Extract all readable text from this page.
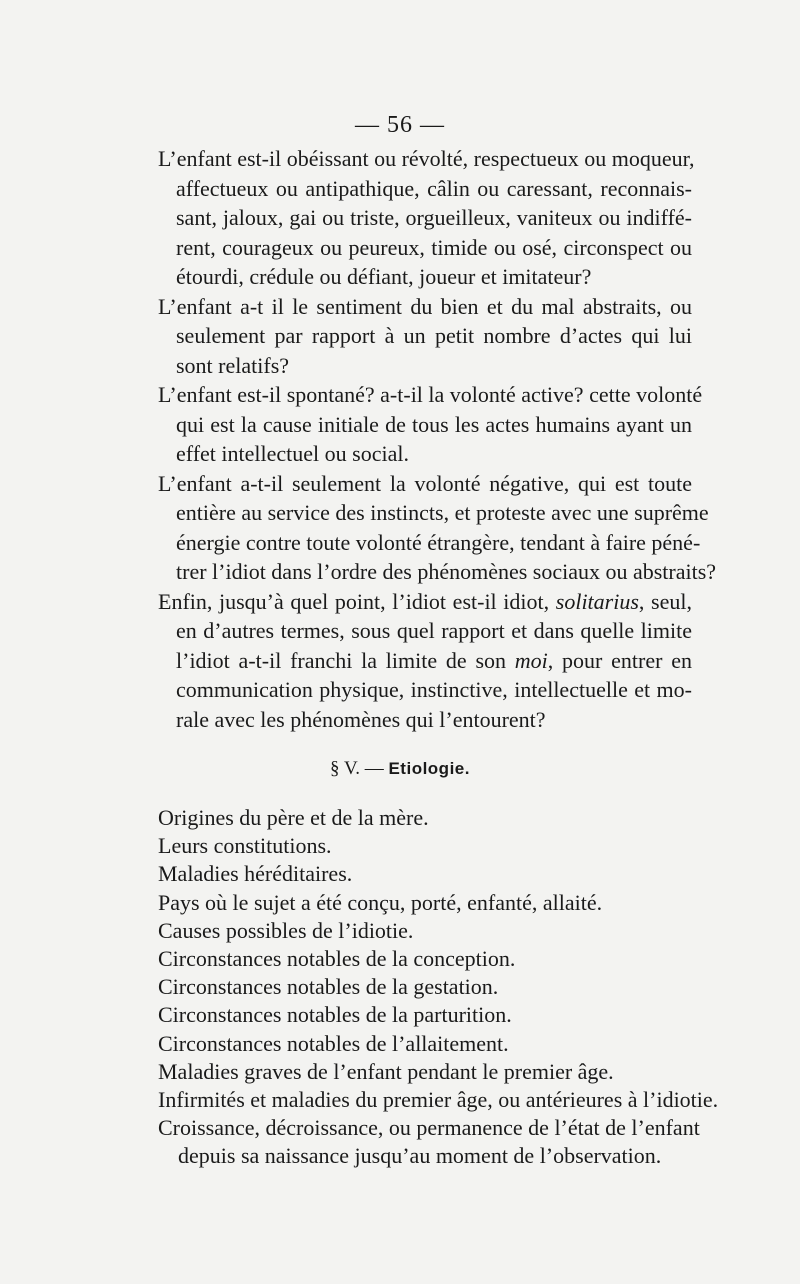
— 56 —
L’enfant est-il obéissant ou révolté, respectueux ou moqueur,
affectueux ou antipathique, câlin ou caressant, reconnais-
sant, jaloux, gai ou triste, orgueilleux, vaniteux ou indiffé-
rent, courageux ou peureux, timide ou osé, circonspect ou
étourdi, crédule ou défiant, joueur et imitateur?
L’enfant a-t il le sentiment du bien et du mal abstraits, ou
seulement par rapport à un petit nombre d’actes qui lui
sont relatifs?
L’enfant est-il spontané? a-t-il la volonté active? cette volonté
qui est la cause initiale de tous les actes humains ayant un
effet intellectuel ou social.
L’enfant a-t-il seulement la volonté négative, qui est toute
entière au service des instincts, et proteste avec une suprême
énergie contre toute volonté étrangère, tendant à faire péné-
trer l’idiot dans l’ordre des phénomènes sociaux ou abstraits?
Enfin, jusqu’à quel point, l’idiot est-il idiot, solitarius, seul,
en d’autres termes, sous quel rapport et dans quelle limite
l’idiot a-t-il franchi la limite de son moi, pour entrer en
communication physique, instinctive, intellectuelle et mo-
rale avec les phénomènes qui l’entourent?
§ V. — Etiologie.
Origines du père et de la mère.
Leurs constitutions.
Maladies héréditaires.
Pays où le sujet a été conçu, porté, enfanté, allaité.
Causes possibles de l’idiotie.
Circonstances notables de la conception.
Circonstances notables de la gestation.
Circonstances notables de la parturition.
Circonstances notables de l’allaitement.
Maladies graves de l’enfant pendant le premier âge.
Infirmités et maladies du premier âge, ou antérieures à l’idiotie.
Croissance, décroissance, ou permanence de l’état de l’enfant
depuis sa naissance jusqu’au moment de l’observation.
